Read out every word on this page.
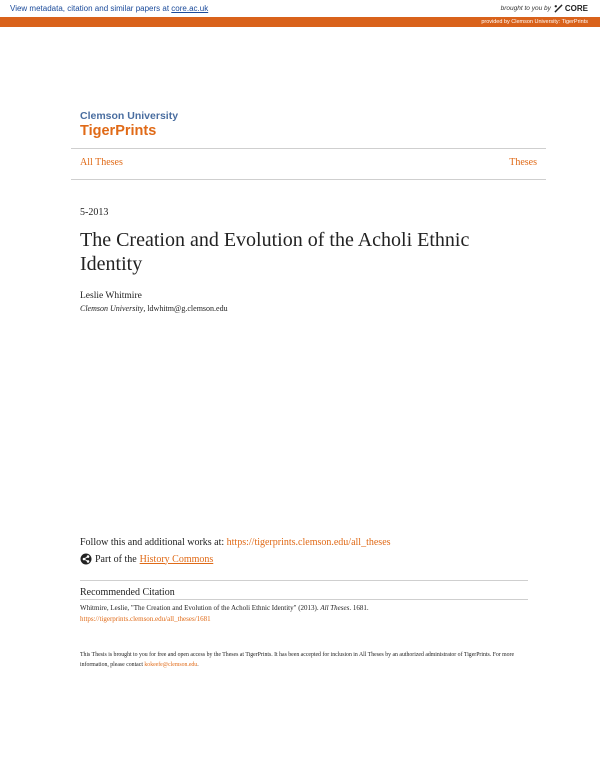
View metadata, citation and similar papers at core.ac.uk	brought to you by CORE
provided by Clemson University: TigerPrints
Clemson University
TigerPrints
All Theses	Theses
5-2013
The Creation and Evolution of the Acholi Ethnic Identity
Leslie Whitmire
Clemson University, ldwhitm@g.clemson.edu
Follow this and additional works at: https://tigerprints.clemson.edu/all_theses
Part of the History Commons
Recommended Citation
Whitmire, Leslie, "The Creation and Evolution of the Acholi Ethnic Identity" (2013). All Theses. 1681.
https://tigerprints.clemson.edu/all_theses/1681
This Thesis is brought to you for free and open access by the Theses at TigerPrints. It has been accepted for inclusion in All Theses by an authorized administrator of TigerPrints. For more information, please contact kokeefe@clemson.edu.
